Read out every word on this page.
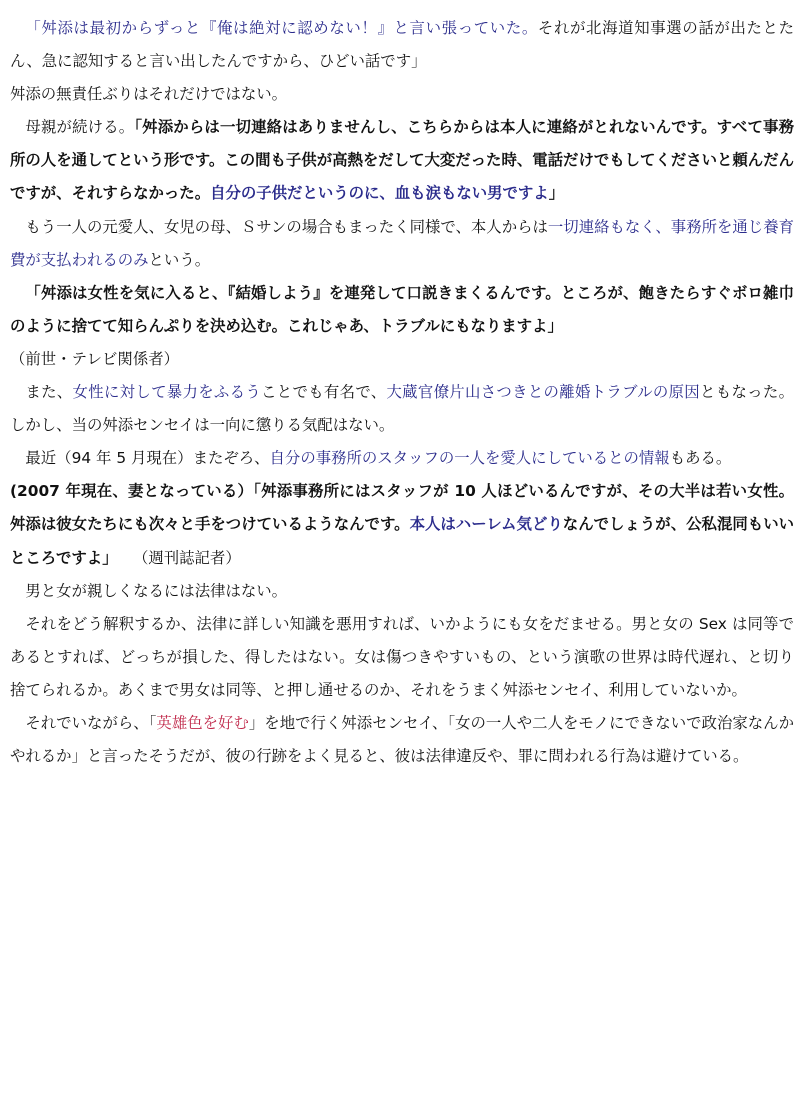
「舛添は最初からずっと『俺は絶対に認めない！』と言い張っていた。それが北海道知事選の話が出たとたん、急に認知すると言い出したんですから、ひどい話です」

舛添の無責任ぶりはそれだけではない。

母親が続ける。「舛添からは一切連絡はありませんし、こちらからは本人に連絡がとれないんです。すべて事務所の人を通してという形です。この間も子供が高熱をだして大変だった時、電話だけでもしてくださいと頼んだんですが、それすらなかった。自分の子供だというのに、血も涙もない男ですよ」

もう一人の元愛人、女児の母、Ｓサンの場合もまったく同様で、本人からは一切連絡もなく、事務所を通じ養育費が支払われるのみという。

「舛添は女性を気に入ると、『結婚しよう』を連発して口説きまくるんです。ところが、飽きたらすぐボロ雑巾のように捨てて知らんぷりを決め込む。これじゃあ、トラブルにもなりますよ」

（前世・テレビ関係者）

また、女性に対して暴力をふるうことでも有名で、大蔵官僚片山さつきとの離婚トラブルの原因ともなった。しかし、当の舛添センセイは一向に懲りる気配はない。

最近（94 年 5 月現在）またぞろ、自分の事務所のスタッフの一人を愛人にしているとの情報もある。

(2007 年現在、妻となっている）「舛添事務所にはスタッフが 10 人ほどいるんですが、その大半は若い女性。舛添は彼女たちにも次々と手をつけているようなんです。本人はハーレム気どりなんでしょうが、公私混同もいいところですよ」　　（週刊誌記者）

男と女が親しくなるには法律はない。

それをどう解釈するか、法律に詳しい知識を悪用すれば、いかようにも女をだませる。男と女の Sex は同等であるとすれば、どっちが損した、得したはない。女は傷つきやすいもの、という演歌の世界は時代遅れ、と切り捨てられるか。あくまで男女は同等、と押し通せるのか、それをうまく舛添センセイ、利用していないか。

それでいながら、「英雄色を好む」を地で行く舛添センセイ、「女の一人や二人をモノにできないで政治家なんかやれるか」と言ったそうだが、彼の行跡をよく見ると、彼は法律違反や、罪に問われる行為は避けている。
